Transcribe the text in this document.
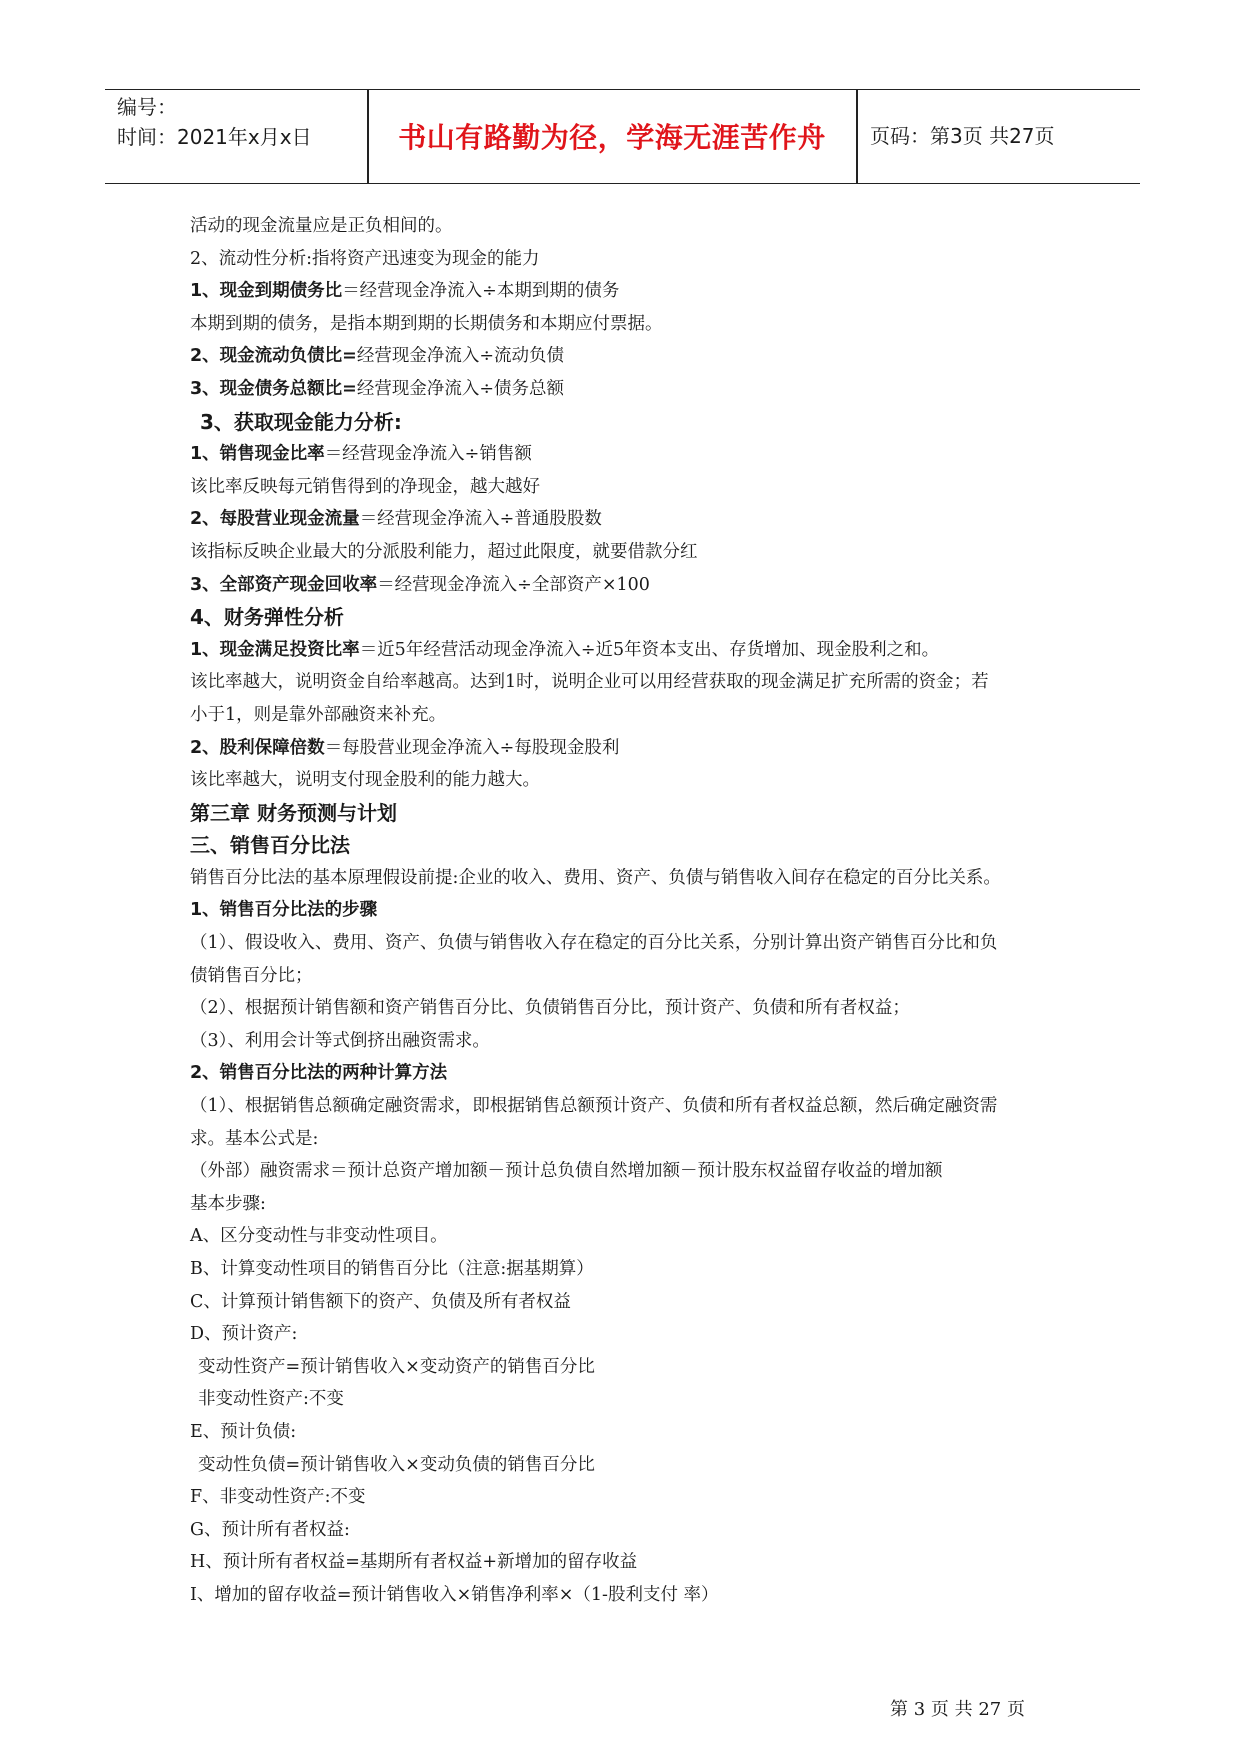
编号：
时间：2021年x月x日	书山有路勤为径，学海无涯苦作舟	页码：第3页 共27页
活动的现金流量应是正负相间的。
2、流动性分析:指将资产迅速变为现金的能力
1、现金到期债务比＝经营现金净流入÷本期到期的债务
本期到期的债务，是指本期到期的长期债务和本期应付票据。
2、现金流动负债比=经营现金净流入÷流动负债
3、现金债务总额比=经营现金净流入÷债务总额
3、获取现金能力分析:
1、销售现金比率＝经营现金净流入÷销售额
该比率反映每元销售得到的净现金，越大越好
2、每股营业现金流量＝经营现金净流入÷普通股股数
该指标反映企业最大的分派股利能力，超过此限度，就要借款分红
3、全部资产现金回收率＝经营现金净流入÷全部资产×100
4、财务弹性分析
1、现金满足投资比率＝近5年经营活动现金净流入÷近5年资本支出、存货增加、现金股利之和。
该比率越大，说明资金自给率越高。达到1时，说明企业可以用经营获取的现金满足扩充所需的资金；若
小于1，则是靠外部融资来补充。
2、股利保障倍数＝每股营业现金净流入÷每股现金股利
该比率越大，说明支付现金股利的能力越大。
第三章 财务预测与计划
三、销售百分比法
销售百分比法的基本原理假设前提:企业的收入、费用、资产、负债与销售收入间存在稳定的百分比关系。
1、销售百分比法的步骤
（1）、假设收入、费用、资产、负债与销售收入存在稳定的百分比关系，分别计算出资产销售百分比和负
债销售百分比；
（2）、根据预计销售额和资产销售百分比、负债销售百分比，预计资产、负债和所有者权益；
（3）、利用会计等式倒挤出融资需求。
2、销售百分比法的两种计算方法
（1）、根据销售总额确定融资需求，即根据销售总额预计资产、负债和所有者权益总额，然后确定融资需
求。基本公式是:
（外部）融资需求＝预计总资产增加额－预计总负债自然增加额－预计股东权益留存收益的增加额
基本步骤:
A、区分变动性与非变动性项目。
B、计算变动性项目的销售百分比（注意:据基期算）
C、计算预计销售额下的资产、负债及所有者权益
D、预计资产:
变动性资产=预计销售收入×变动资产的销售百分比
非变动性资产:不变
E、预计负债:
变动性负债=预计销售收入×变动负债的销售百分比
F、非变动性资产:不变
G、预计所有者权益:
H、预计所有者权益=基期所有者权益+新增加的留存收益
I、增加的留存收益=预计销售收入×销售净利率×（1-股利支付 率）
第 3 页 共 27 页
